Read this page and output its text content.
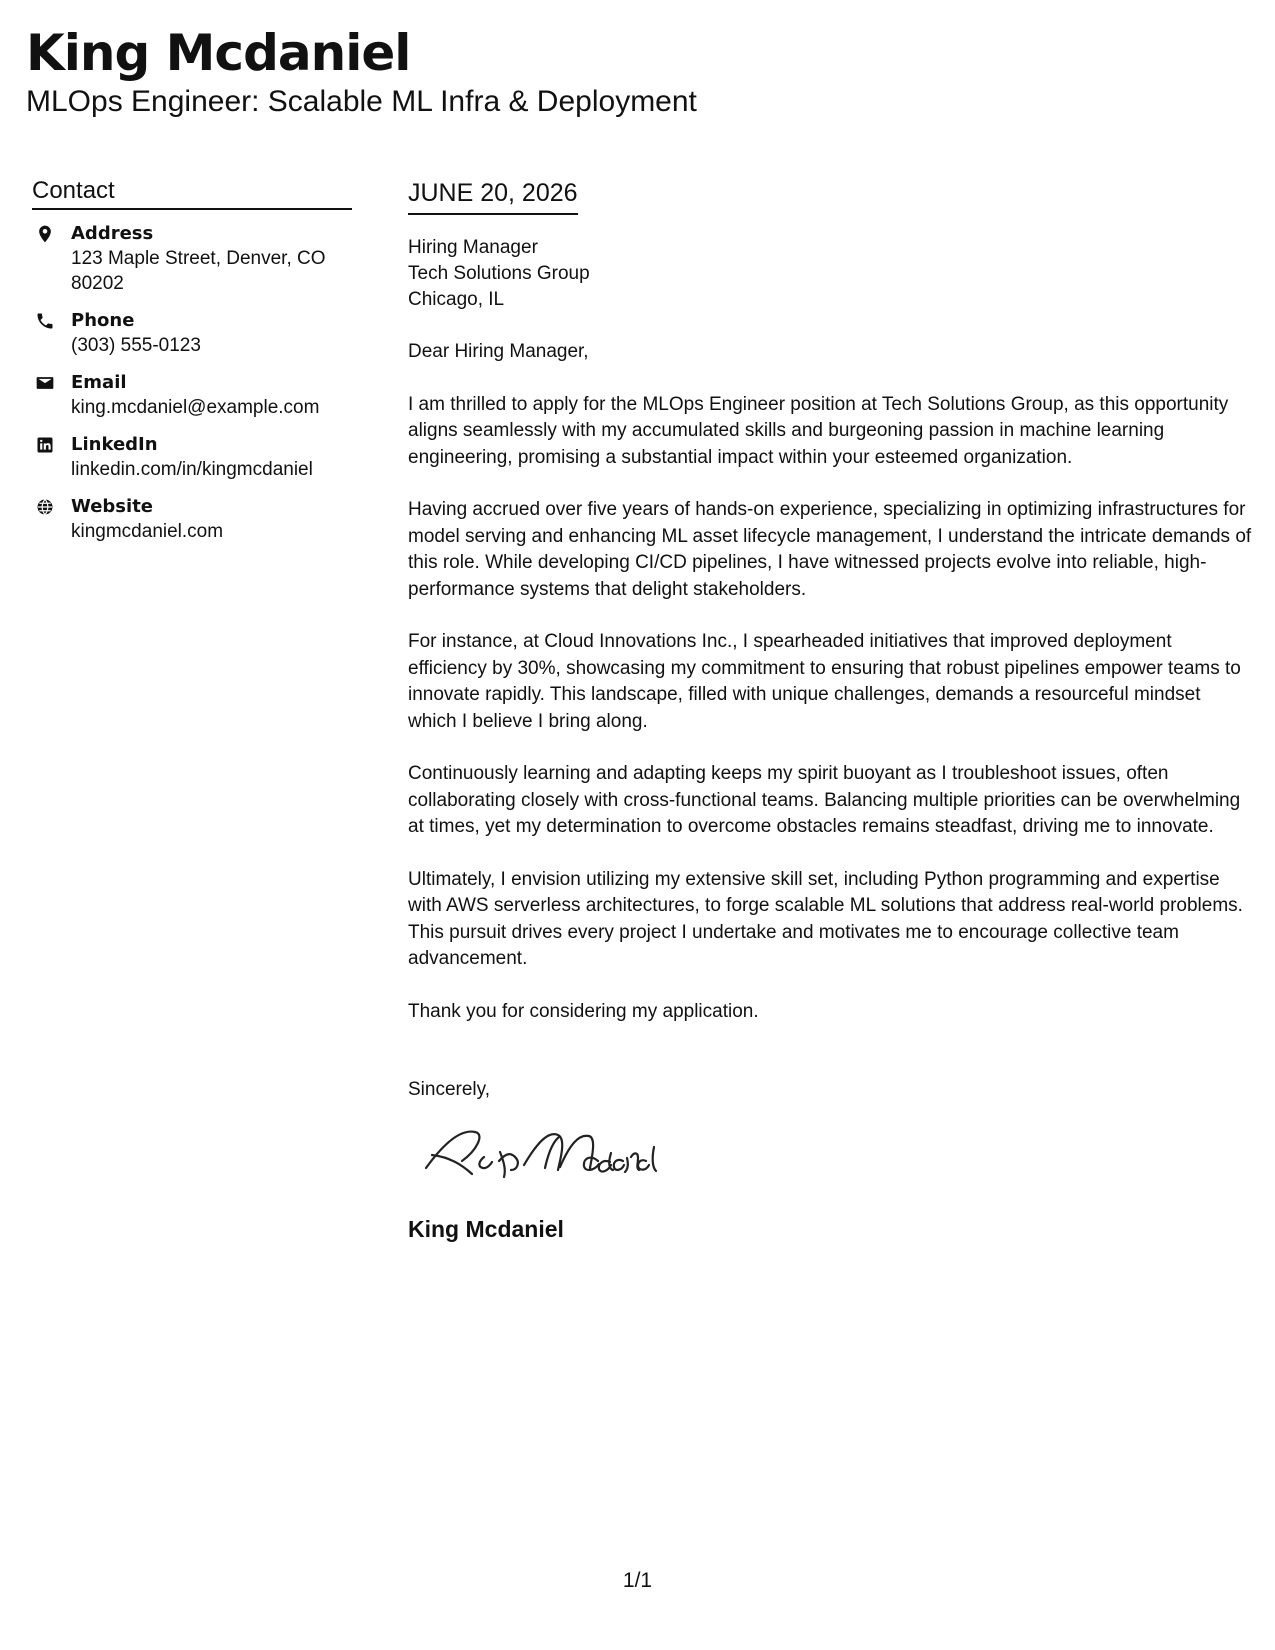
King Mcdaniel
MLOps Engineer: Scalable ML Infra & Deployment
Contact
Address
123 Maple Street, Denver, CO 80202
Phone
(303) 555-0123
Email
king.mcdaniel@example.com
LinkedIn
linkedin.com/in/kingmcdaniel
Website
kingmcdaniel.com
JUNE 20, 2026
Hiring Manager
Tech Solutions Group
Chicago, IL

Dear Hiring Manager,

I am thrilled to apply for the MLOps Engineer position at Tech Solutions Group, as this opportunity aligns seamlessly with my accumulated skills and burgeoning passion in machine learning engineering, promising a substantial impact within your esteemed organization.

Having accrued over five years of hands-on experience, specializing in optimizing infrastructures for model serving and enhancing ML asset lifecycle management, I understand the intricate demands of this role. While developing CI/CD pipelines, I have witnessed projects evolve into reliable, high-performance systems that delight stakeholders.

For instance, at Cloud Innovations Inc., I spearheaded initiatives that improved deployment efficiency by 30%, showcasing my commitment to ensuring that robust pipelines empower teams to innovate rapidly. This landscape, filled with unique challenges, demands a resourceful mindset which I believe I bring along.

Continuously learning and adapting keeps my spirit buoyant as I troubleshoot issues, often collaborating closely with cross-functional teams. Balancing multiple priorities can be overwhelming at times, yet my determination to overcome obstacles remains steadfast, driving me to innovate.

Ultimately, I envision utilizing my extensive skill set, including Python programming and expertise with AWS serverless architectures, to forge scalable ML solutions that address real-world problems. This pursuit drives every project I undertake and motivates me to encourage collective team advancement.

Thank you for considering my application.

Sincerely,
King Mcdaniel
1/1
